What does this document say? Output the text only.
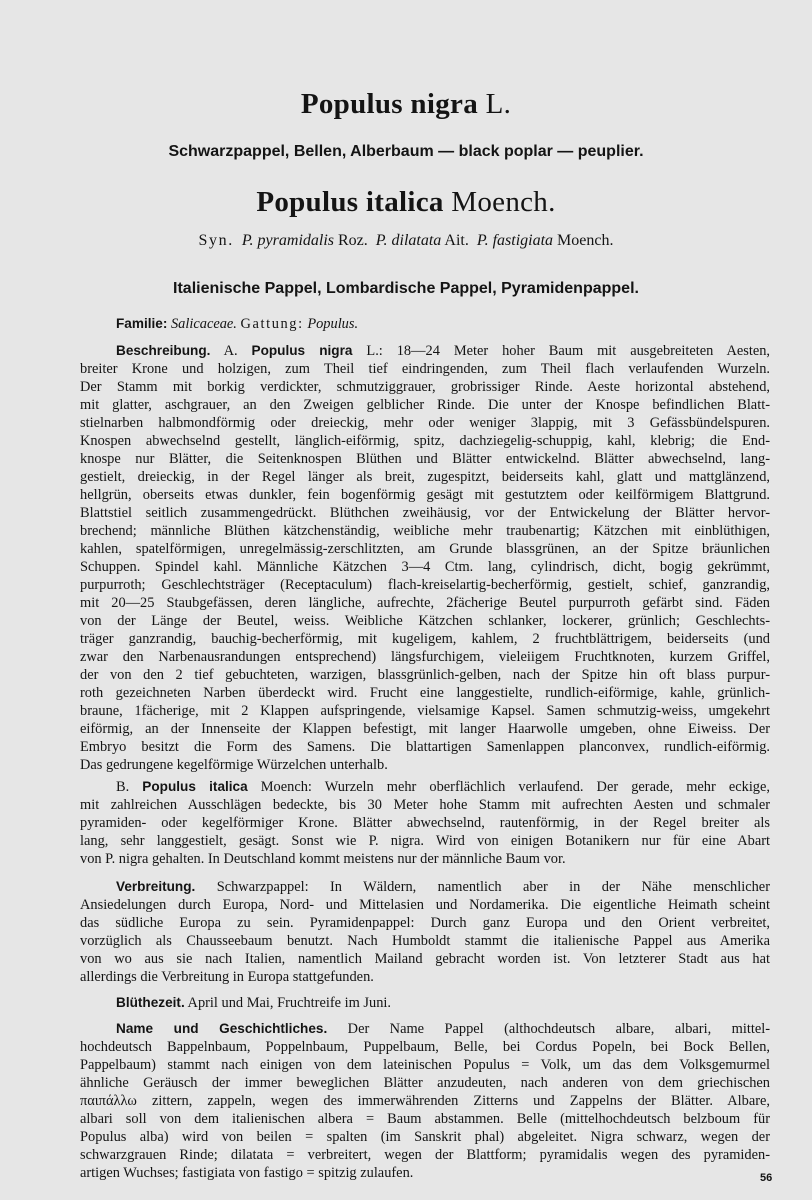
Populus nigra L.
Schwarzpappel, Bellen, Alberbaum — black poplar — peuplier.
Populus italica Moench.
Syn. P. pyramidalis Roz. P. dilatata Ait. P. fastigiata Moench.
Italienische Pappel, Lombardische Pappel, Pyramidenpappel.
Familie: Salicaceae. Gattung: Populus.
Beschreibung. A. Populus nigra L.: 18—24 Meter hoher Baum mit ausgebreiteten Aesten,
breiter Krone und holzigen, zum Theil tief eindringenden, zum Theil flach verlaufenden Wurzeln.
Der Stamm mit borkig verdickter, schmutziggrauer, grobrissiger Rinde. Aeste horizontal abstehend,
mit glatter, aschgrauer, an den Zweigen gelblicher Rinde. Die unter der Knospe befindlichen Blatt-
stielnarben halbmondförmig oder dreieckig, mehr oder weniger 3lappig, mit 3 Gefässbündelspuren.
Knospen abwechselnd gestellt, länglich-eiförmig, spitz, dachziegelig-schuppig, kahl, klebrig; die End-
knospe nur Blätter, die Seitenknospen Blüthen und Blätter entwickelnd. Blätter abwechselnd, lang-
gestielt, dreieckig, in der Regel länger als breit, zugespitzt, beiderseits kahl, glatt und mattglänzend,
hellgrün, oberseits etwas dunkler, fein bogenförmig gesägt mit gestutztem oder keilförmigem Blattgrund.
Blattstiel seitlich zusammengedrückt. Blüthchen zweihäusig, vor der Entwickelung der Blätter hervor-
brechend; männliche Blüthen kätzchenständig, weibliche mehr traubenartig; Kätzchen mit einblüthigen,
kahlen, spatelförmigen, unregelmässig-zerschlitzten, am Grunde blassgrünen, an der Spitze bräunlichen
Schuppen. Spindel kahl. Männliche Kätzchen 3—4 Ctm. lang, cylindrisch, dicht, bogig gekrümmt,
purpurroth; Geschlechtsträger (Receptaculum) flach-kreiselartig-becherförmig, gestielt, schief, ganzrandig,
mit 20—25 Staubgefässen, deren längliche, aufrechte, 2fächerige Beutel purpurroth gefärbt sind. Fäden
von der Länge der Beutel, weiss. Weibliche Kätzchen schlanker, lockerer, grünlich; Geschlechts-
träger ganzrandig, bauchig-becherförmig, mit kugeligem, kahlem, 2 fruchtblättrigem, beiderseits (und
zwar den Narbenausrandungen entsprechend) längsfurchigem, vieleiigem Fruchtknoten, kurzem Griffel,
der von den 2 tief gebuchteten, warzigen, blassgrünlich-gelben, nach der Spitze hin oft blass purpur-
roth gezeichneten Narben überdeckt wird. Frucht eine langgestielte, rundlich-eiförmige, kahle, grünlich-
braune, 1fächerige, mit 2 Klappen aufspringende, vielsamige Kapsel. Samen schmutzig-weiss, umgekehrt
eiförmig, an der Innenseite der Klappen befestigt, mit langer Haarwolle umgeben, ohne Eiweiss. Der
Embryo besitzt die Form des Samens. Die blattartigen Samenlappen planconvex, rundlich-eiförmig.
Das gedrungene kegelförmige Würzelchen unterhalb.
B. Populus italica Moench: Wurzeln mehr oberflächlich verlaufend. Der gerade, mehr eckige,
mit zahlreichen Ausschlägen bedeckte, bis 30 Meter hohe Stamm mit aufrechten Aesten und schmaler
pyramiden- oder kegelförmiger Krone. Blätter abwechselnd, rautenförmig, in der Regel breiter als
lang, sehr langgestielt, gesägt. Sonst wie P. nigra. Wird von einigen Botanikern nur für eine Abart
von P. nigra gehalten. In Deutschland kommt meistens nur der männliche Baum vor.
Verbreitung. Schwarzpappel: In Wäldern, namentlich aber in der Nähe menschlicher
Ansiedelungen durch Europa, Nord- und Mittelasien und Nordamerika. Die eigentliche Heimath scheint
das südliche Europa zu sein. Pyramidenpappel: Durch ganz Europa und den Orient verbreitet,
vorzüglich als Chausseebaum benutzt. Nach Humboldt stammt die italienische Pappel aus Amerika
von wo aus sie nach Italien, namentlich Mailand gebracht worden ist. Von letzterer Stadt aus hat
allerdings die Verbreitung in Europa stattgefunden.
Blüthezeit. April und Mai, Fruchtreife im Juni.
Name und Geschichtliches. Der Name Pappel (althochdeutsch albare, albari, mittel-
hochdeutsch Bappelnbaum, Poppelnbaum, Puppelbaum, Belle, bei Cordus Popeln, bei Bock Bellen,
Pappelbaum) stammt nach einigen von dem lateinischen Populus = Volk, um das dem Volksgemurmel
ähnliche Geräusch der immer beweglichen Blätter anzudeuten, nach anderen von dem griechischen
παιπάλλω zittern, zappeln, wegen des immerwährenden Zitterns und Zappelns der Blätter. Albare,
albari soll von dem italienischen albera = Baum abstammen. Belle (mittelhochdeutsch belzboum für
Populus alba) wird von beilen = spalten (im Sanskrit phal) abgeleitet. Nigra schwarz, wegen der
schwarzgrauen Rinde; dilatata = verbreitert, wegen der Blattform; pyramidalis wegen des pyramiden-
artigen Wuchses; fastigiata von fastigo = spitzig zulaufen.	56
